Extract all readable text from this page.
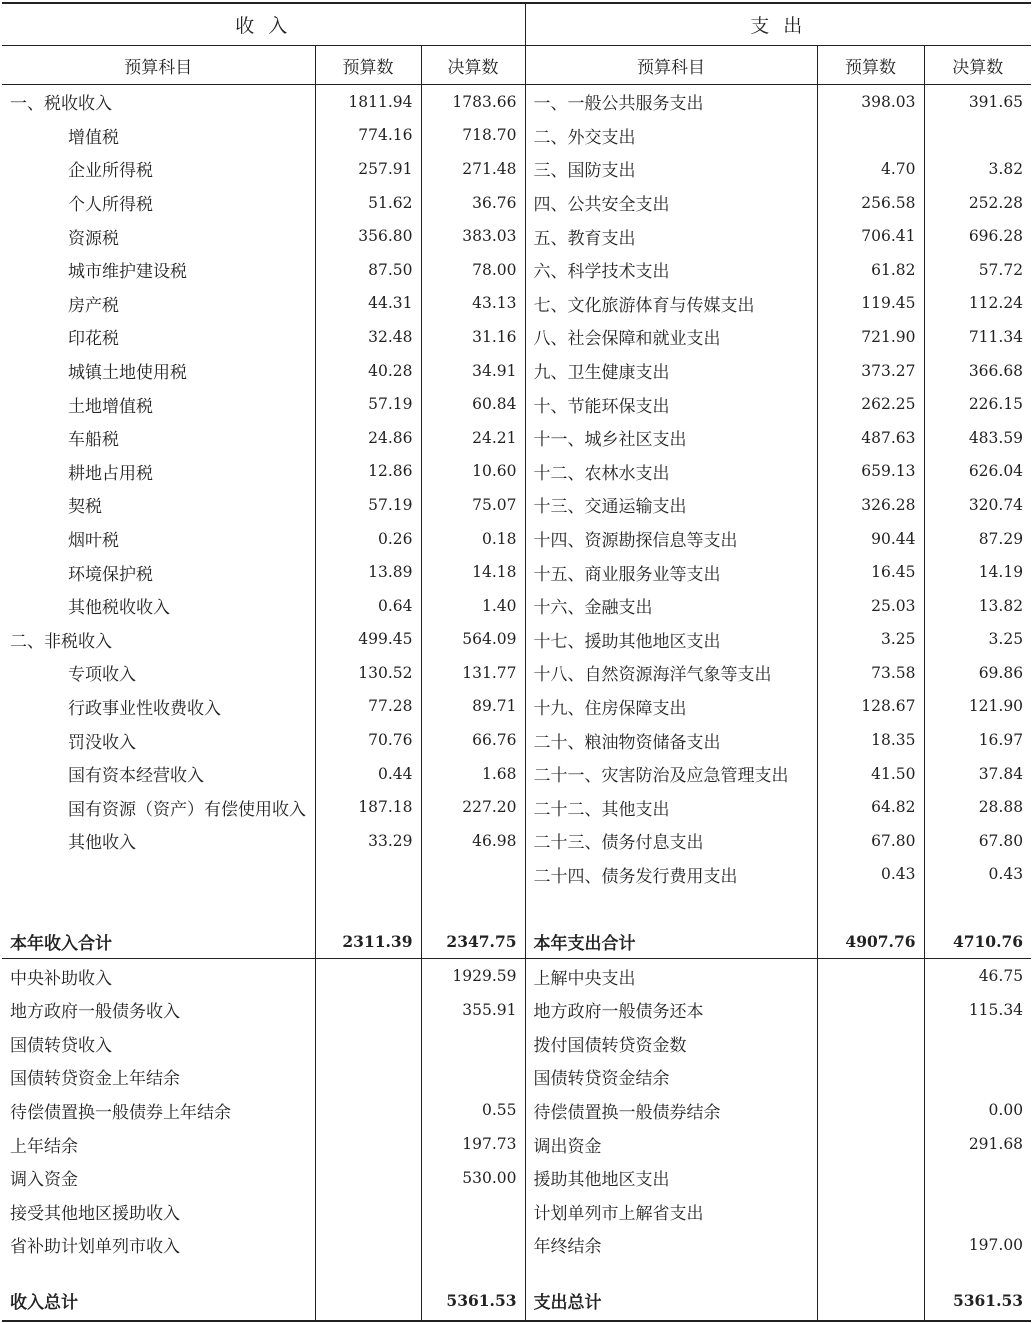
收 入			支 出		
预算科目	预算数	决算数	预算科目	预算数	决算数
一、税收收入	1811.94	1783.66	一、一般公共服务支出	398.03	391.65
增值税	774.16	718.70	二、外交支出		
企业所得税	257.91	271.48	三、国防支出	4.70	3.82
个人所得税	51.62	36.76	四、公共安全支出	256.58	252.28
资源税	356.80	383.03	五、教育支出	706.41	696.28
城市维护建设税	87.50	78.00	六、科学技术支出	61.82	57.72
房产税	44.31	43.13	七、文化旅游体育与传媒支出	119.45	112.24
印花税	32.48	31.16	八、社会保障和就业支出	721.90	711.34
城镇土地使用税	40.28	34.91	九、卫生健康支出	373.27	366.68
土地增值税	57.19	60.84	十、节能环保支出	262.25	226.15
车船税	24.86	24.21	十一、城乡社区支出	487.63	483.59
耕地占用税	12.86	10.60	十二、农林水支出	659.13	626.04
契税	57.19	75.07	十三、交通运输支出	326.28	320.74
烟叶税	0.26	0.18	十四、资源勘探信息等支出	90.44	87.29
环境保护税	13.89	14.18	十五、商业服务业等支出	16.45	14.19
其他税收收入	0.64	1.40	十六、金融支出	25.03	13.82
二、非税收入	499.45	564.09	十七、援助其他地区支出	3.25	3.25
专项收入	130.52	131.77	十八、自然资源海洋气象等支出	73.58	69.86
行政事业性收费收入	77.28	89.71	十九、住房保障支出	128.67	121.90
罚没收入	70.76	66.76	二十、粮油物资储备支出	18.35	16.97
国有资本经营收入	0.44	1.68	二十一、灾害防治及应急管理支出	41.50	37.84
国有资源（资产）有偿使用收入	187.18	227.20	二十二、其他支出	64.82	28.88
其他收入	33.29	46.98	二十三、债务付息支出	67.80	67.80
			二十四、债务发行费用支出	0.43	0.43

本年收入合计	2311.39	2347.75	本年支出合计	4907.76	4710.76
中央补助收入		1929.59	上解中央支出		46.75
地方政府一般债务收入		355.91	地方政府一般债务还本		115.34
国债转贷收入			拨付国债转贷资金数		
国债转贷资金上年结余			国债转贷资金结余		
待偿债置换一般债券上年结余		0.55	待偿债置换一般债券结余		0.00
上年结余		197.73	调出资金		291.68
调入资金		530.00	援助其他地区支出		
接受其他地区援助收入			计划单列市上解省支出		
省补助计划单列市收入			年终结余		197.00

收入总计		5361.53	支出总计		5361.53
